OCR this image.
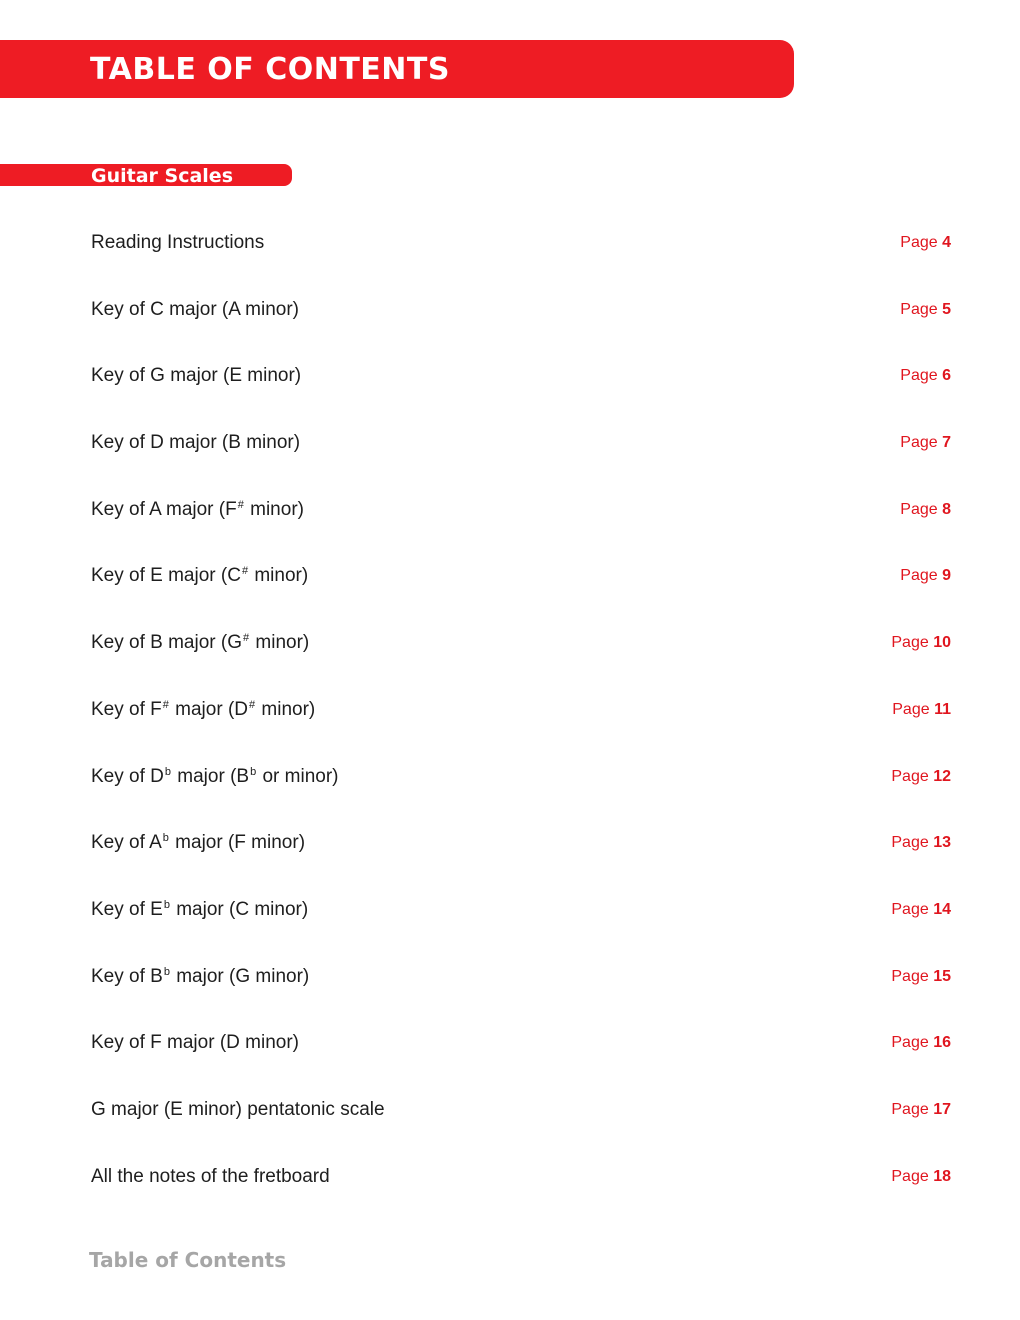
TABLE OF CONTENTS
Guitar Scales
Reading Instructions	Page 4
Key of C major (A minor)	Page 5
Key of G major (E minor)	Page 6
Key of D major (B minor)	Page 7
Key of A major (F# minor)	Page 8
Key of E major (C# minor)	Page 9
Key of B major (G# minor)	Page 10
Key of F# major (D# minor)	Page 11
Key of $D^b$ major ($B^b$ or minor)	Page 12
Key of $A^b$ major (F minor)	Page 13
Key of $E^b$ major (C minor)	Page 14
Key of $B^b$ major (G minor)	Page 15
Key of F major (D minor)	Page 16
G major (E minor) pentatonic scale	Page 17
All the notes of the fretboard	Page 18

Table of Contents
